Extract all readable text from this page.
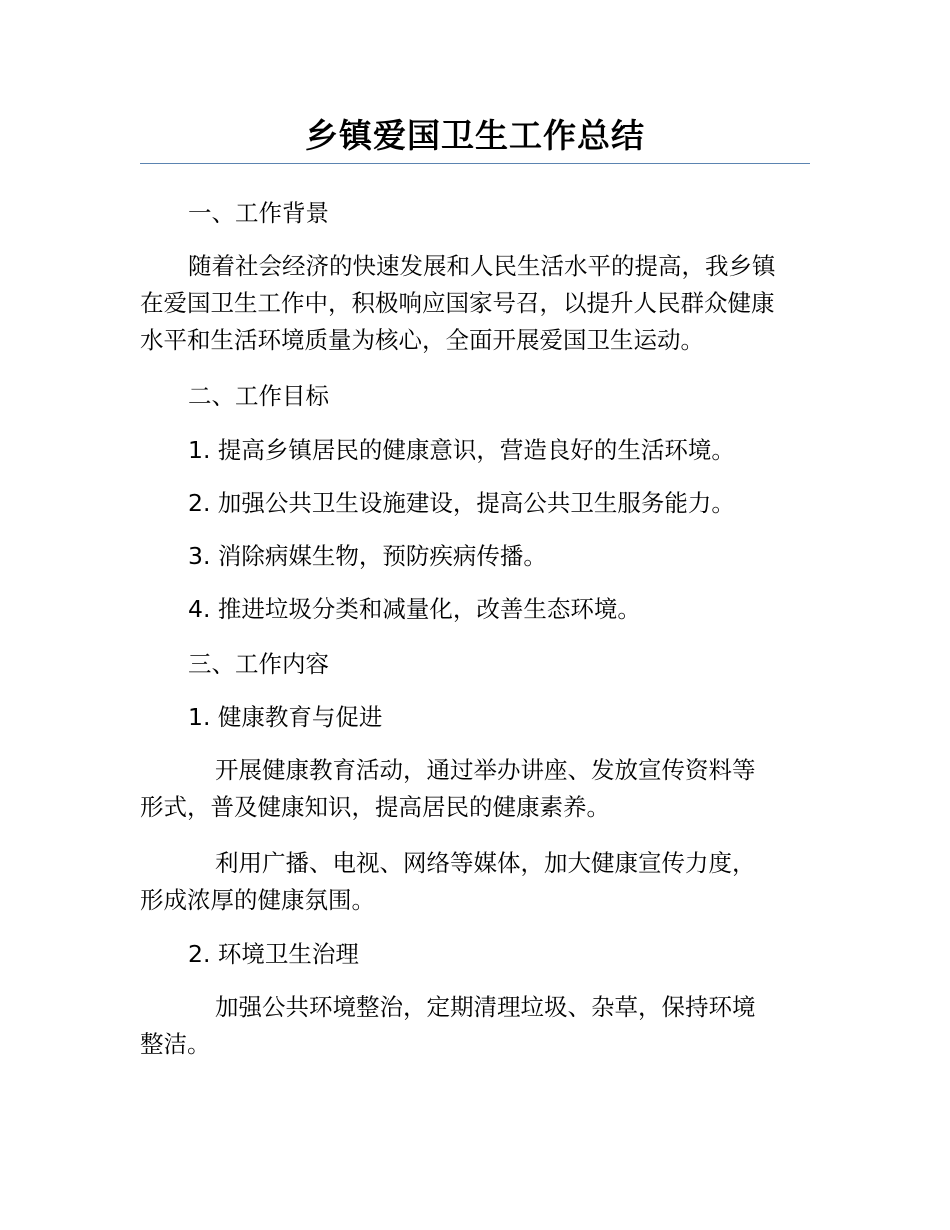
乡镇爱国卫生工作总结
一、工作背景
随着社会经济的快速发展和人民生活水平的提高，我乡镇
在爱国卫生工作中，积极响应国家号召，以提升人民群众健康
水平和生活环境质量为核心，全面开展爱国卫生运动。
二、工作目标
1. 提高乡镇居民的健康意识，营造良好的生活环境。
2. 加强公共卫生设施建设，提高公共卫生服务能力。
3. 消除病媒生物，预防疾病传播。
4. 推进垃圾分类和减量化，改善生态环境。
三、工作内容
1. 健康教育与促进
开展健康教育活动，通过举办讲座、发放宣传资料等
形式，普及健康知识，提高居民的健康素养。
利用广播、电视、网络等媒体，加大健康宣传力度，
形成浓厚的健康氛围。
2. 环境卫生治理
加强公共环境整治，定期清理垃圾、杂草，保持环境
整洁。
